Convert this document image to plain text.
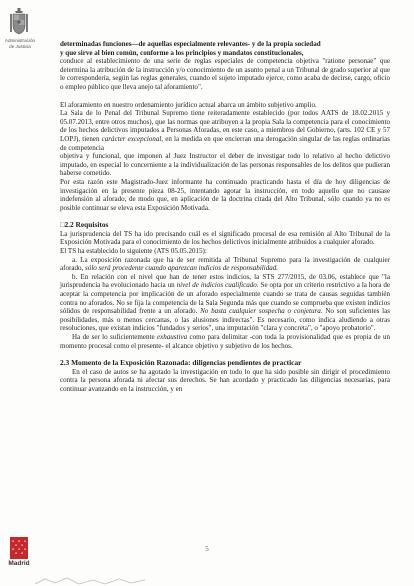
Administración de Justicia	determinadas funciones—de aquellas especialmente relevantes- y de la propia sociedad

y que sirve al bien común, conforme a los principios y mandatos constitucionales,

conduce al establecimiento de una serie de reglas especiales de competencia objetiva "ratione personae" que determina la atribución de la instrucción y/o conocimiento de un asunto penal a un Tribunal de grado superior al que le correspondería, según las reglas generales, cuando el sujeto imputado ejerce, como acaba de decirse, cargo, oficio o empleo público que lleva anejo tal aforamiento".

El aforamiento en nuestro ordenamiento jurídico actual abarca un ámbito subjetivo amplio.

La Sala de lo Penal del Tribunal Supremo tiene reiteradamente establecido (por todos AATS de 18.02.2015 y 05.07.2013, entre otros muchos), que las normas que atribuyen a la propia Sala la competencia para el conocimiento de los hechos delictivos imputados a Personas Aforadas, en este caso, a miembros del Gobierno, (arts. 102 CE y 57 LOPJ), tienen carácter excepcional, en la medida en que encierran una derogación singular de las reglas ordinarias de competencia

objetiva y funcional, que imponen al Juez Instructor el deber de investigar todo lo relativo al hecho delictivo imputado, en especial lo concerniente a la individualización de las personas responsables de los delitos que pudieran haberse cometido.

Por esta razón este Magistrado-Juez informante ha continuado practicando hasta el día de hoy diligencias de investigación en la presente pieza 08-25, intentando agotar la instrucción, en todo aquello que no causase indefensión al aforado, de modo que, en aplicación de la doctrina citada del Alto Tribunal, sólo cuando ya no es posible continuar se eleva esta Exposición Motivada.

□2.2 Requisitos

La jurisprudencia del TS ha ido precisando cuál es el significado procesal de esa remisión al Alto Tribunal de la Exposición Motivada para el conocimiento de los hechos delictivos inicialmente atribuidos a cualquier aforado.

El TS ha establecido lo siguiente (ATS 05.05.2015):

a. La exposición razonada que ha de ser remitida al Tribunal Supremo para la investigación de cualquier aforado, sólo será procedente cuando aparezcan indicios de responsabilidad.

b. En relación con el nivel que han de tener estos indicios, la STS 277/2015, de 03.06, establece que "la jurisprudencia ha evolucionado hacia un nivel de indicios cualificado. Se opta por un criterio restrictivo a la hora de aceptar la competencia por implicación de un aforado especialmente cuando se trata de causas seguidas también contra no aforados. No se fija la competencia de la Sala Segunda más que cuando se comprueba que existen indicios sólidos de responsabilidad frente a un aforado. No basta cualquier sospecha o conjetura. No son suficientes las posibilidades, más o menos cercanas, o las alusiones indirectas". Es necesario, como indica aludiendo a otras resoluciones, que existan indicios "fundados y serios", una imputación "clara y concreta", o "apoyo probatorio".

Ha de ser lo suficientemente exhaustiva como para delimitar -con toda la provisionalidad que es propia de un momento procesal como el presente- el alcance objetivo y subjetivo de los hechos.

2.3 Momento de la Exposición Razonada: diligencias pendientes de practicar

En el caso de autos se ha agotado la investigación en todo lo que ha sido posible sin dirigir el procedimiento contra la persona aforada ni afectar sus derechos. Se han acordado y practicado las diligencias necesarias, para continuar avanzando en la instrucción, y en

5
Madrid
